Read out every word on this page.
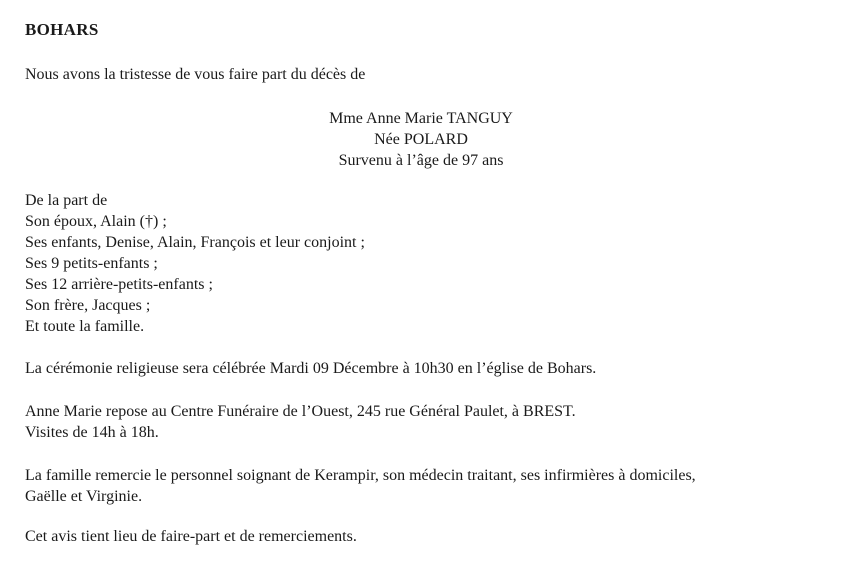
BOHARS
Nous avons la tristesse de vous faire part du décès de
Mme Anne Marie TANGUY
Née POLARD
Survenu à l’âge de 97 ans
De la part de
Son époux, Alain (†) ;
Ses enfants, Denise, Alain, François et leur conjoint ;
Ses 9 petits-enfants ;
Ses 12 arrière-petits-enfants ;
Son frère, Jacques ;
Et toute la famille.
La cérémonie religieuse sera célébrée Mardi 09 Décembre à 10h30 en l’église de Bohars.
Anne Marie repose au Centre Funéraire de l’Ouest, 245 rue Général Paulet, à BREST.
Visites de 14h à 18h.
La famille remercie le personnel soignant de Kerampir, son médecin traitant, ses infirmières à domiciles,
Gaëlle et Virginie.
Cet avis tient lieu de faire-part et de remerciements.
